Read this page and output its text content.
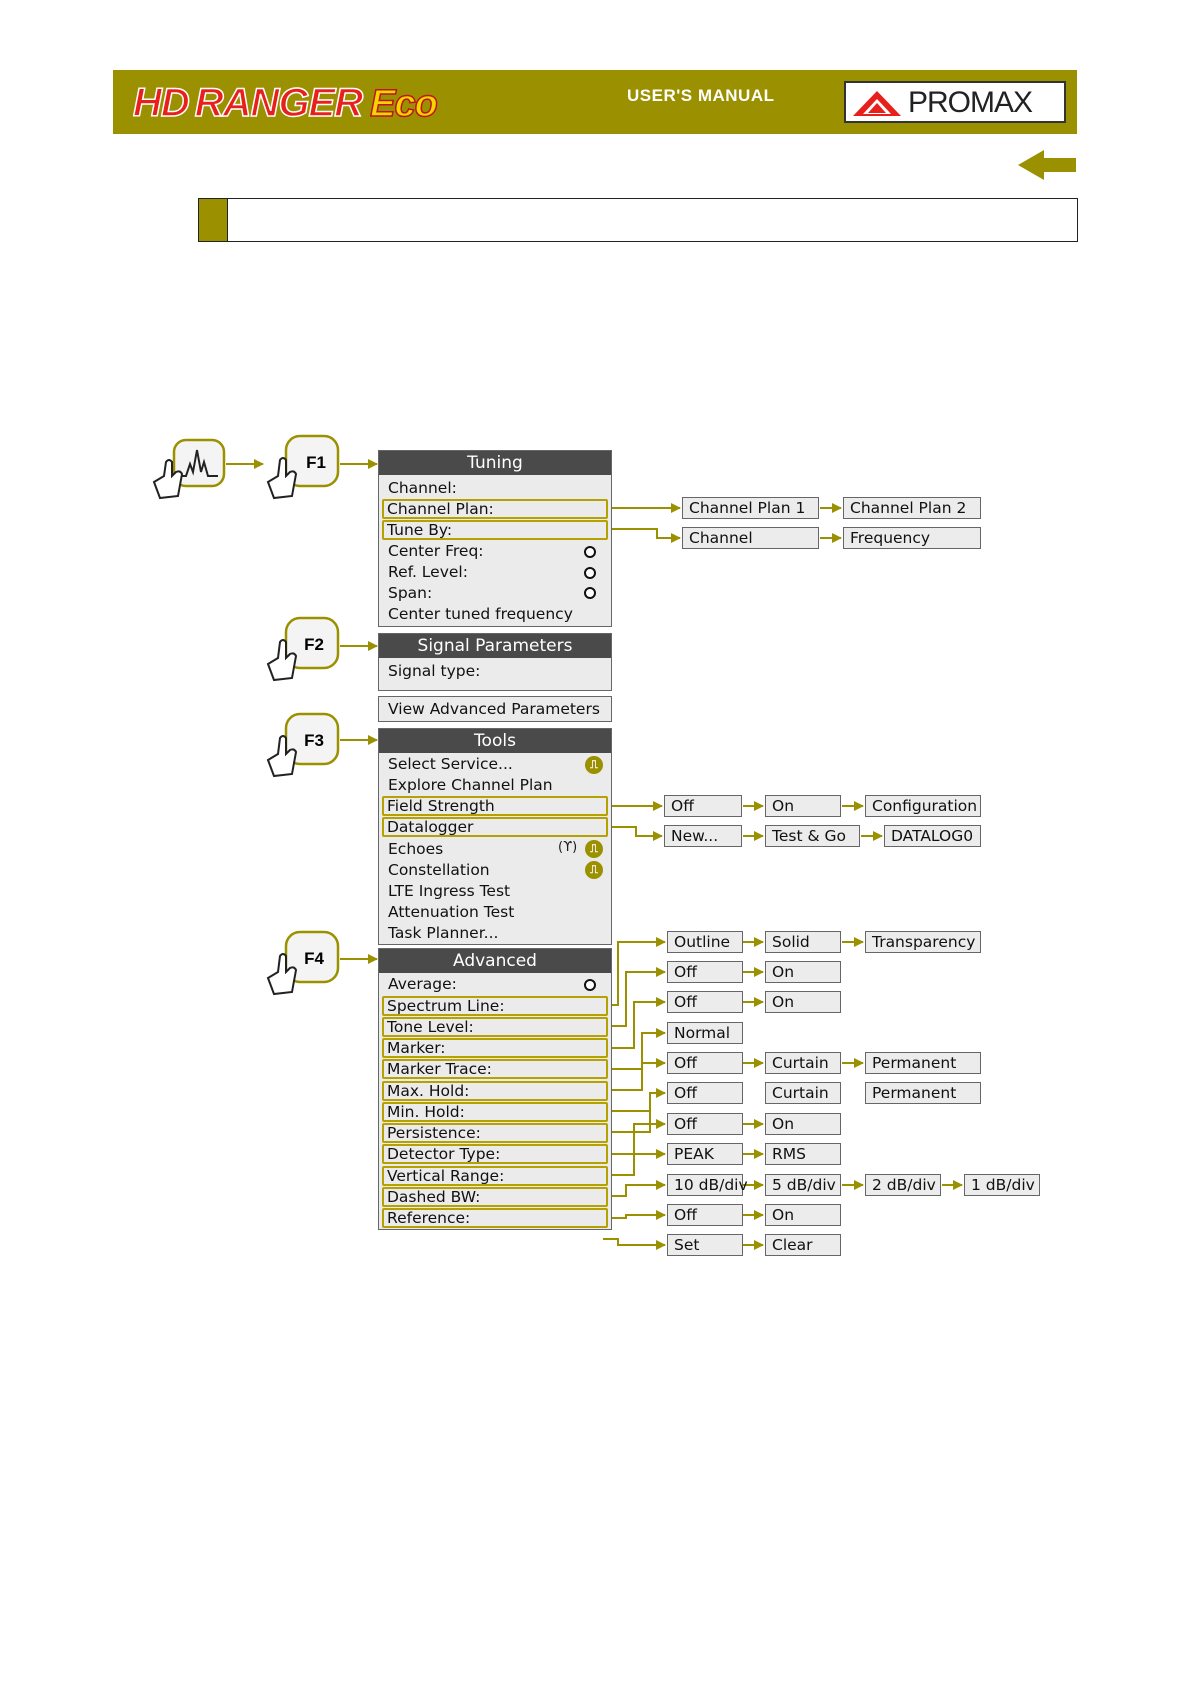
HD RANGER Eco	USER'S MANUAL	PROMAX
F1
F2
F3
F4
Tuning
Channel:
Channel Plan:
Tune By:
Center Freq:
Ref. Level:
Span:
Center tuned frequency
Channel Plan 1	Channel Plan 2
Channel	Frequency
Signal Parameters
Signal type:
View Advanced Parameters
Tools
Select Service...	⎍
Explore Channel Plan
Field Strength
Datalogger
Echoes	(ϒ)	⎍
Constellation	⎍
LTE Ingress Test
Attenuation Test
Task Planner...
Off	On	Configuration
New...	Test & Go	DATALOG0
Advanced
Average:
Spectrum Line:
Tone Level:
Marker:
Marker Trace:
Max. Hold:
Min. Hold:
Persistence:
Detector Type:
Vertical Range:
Dashed BW:
Reference:
Outline	Solid	Transparency
Off	On
Off	On
Normal
Off	Curtain	Permanent
Off	Curtain	Permanent
Off	On
PEAK	RMS
10 dB/div	5 dB/div	2 dB/div	1 dB/div
Off	On
Set	Clear
